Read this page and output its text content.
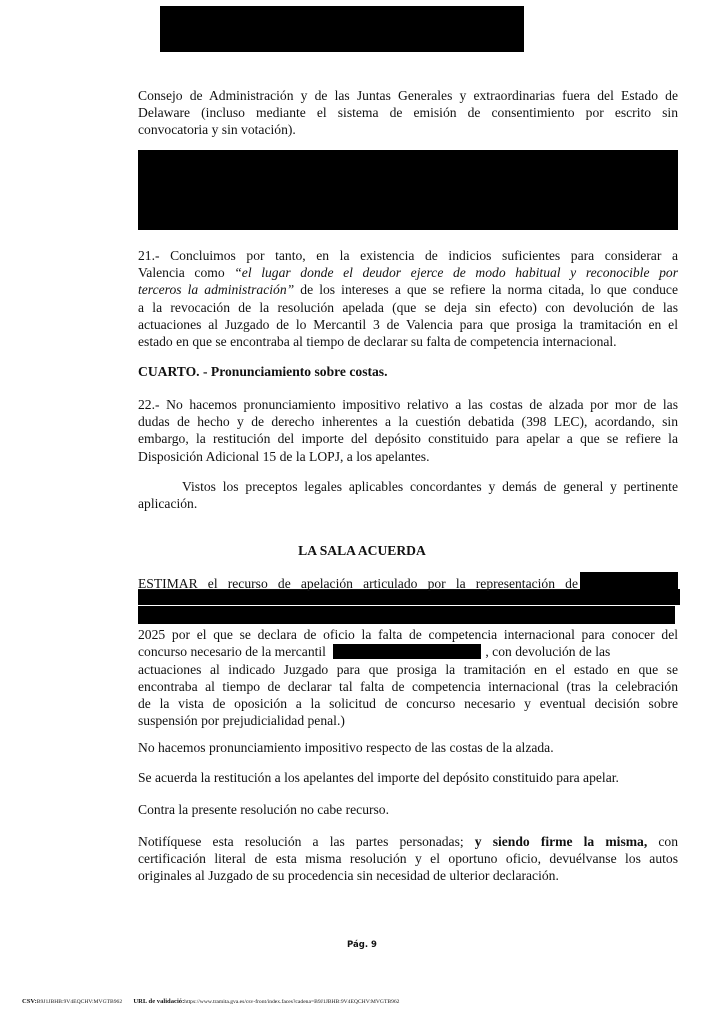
Consejo de Administración y de las Juntas Generales y extraordinarias fuera del Estado de
Delaware (incluso mediante el sistema de emisión de consentimiento por escrito sin
convocatoria y sin votación).

21.- Concluimos por tanto, en la existencia de indicios suficientes para considerar a
Valencia como “el lugar donde el deudor ejerce de modo habitual y reconocible por
terceros la administración” de los intereses a que se refiere la norma citada, lo que conduce
a la revocación de la resolución apelada (que se deja sin efecto) con devolución de las
actuaciones al Juzgado de lo Mercantil 3 de Valencia para que prosiga la tramitación en el
estado en que se encontraba al tiempo de declarar su falta de competencia internacional.

CUARTO. - Pronunciamiento sobre costas.

22.- No hacemos pronunciamiento impositivo relativo a las costas de alzada por mor de las
dudas de hecho y de derecho inherentes a la cuestión debatida (398 LEC), acordando, sin
embargo, la restitución del importe del depósito constituido para apelar a que se refiere la
Disposición Adicional 15 de la LOPJ, a los apelantes.

Vistos los preceptos legales aplicables concordantes y demás de general y pertinente
aplicación.

LA SALA ACUERDA

ESTIMAR el recurso de apelación articulado por la representación de
2025 por el que se declara de oficio la falta de competencia internacional para conocer del
concurso necesario de la mercantil	, con devolución de las
actuaciones al indicado Juzgado para que prosiga la tramitación en el estado en que se
encontraba al tiempo de declarar tal falta de competencia internacional (tras la celebración
de la vista de oposición a la solicitud de concurso necesario y eventual decisión sobre
suspensión por prejudicialidad penal.)

No hacemos pronunciamiento impositivo respecto de las costas de la alzada.

Se acuerda la restitución a los apelantes del importe del depósito constituido para apelar.

Contra la presente resolución no cabe recurso.

Notifíquese esta resolución a las partes personadas; y siendo firme la misma, con
certificación literal de esta misma resolución y el oportuno oficio, devuélvanse los autos
originales al Juzgado de su procedencia sin necesidad de ulterior declaración.

Pág. 9
CSV:B9J1JBHB:9V4EQCHV:MVGTB962 URL de validació:https://www.tramita.gva.es/csv-front/index.faces?cadena=B9J1JBHB:9V4EQCHV:MVGTB962
